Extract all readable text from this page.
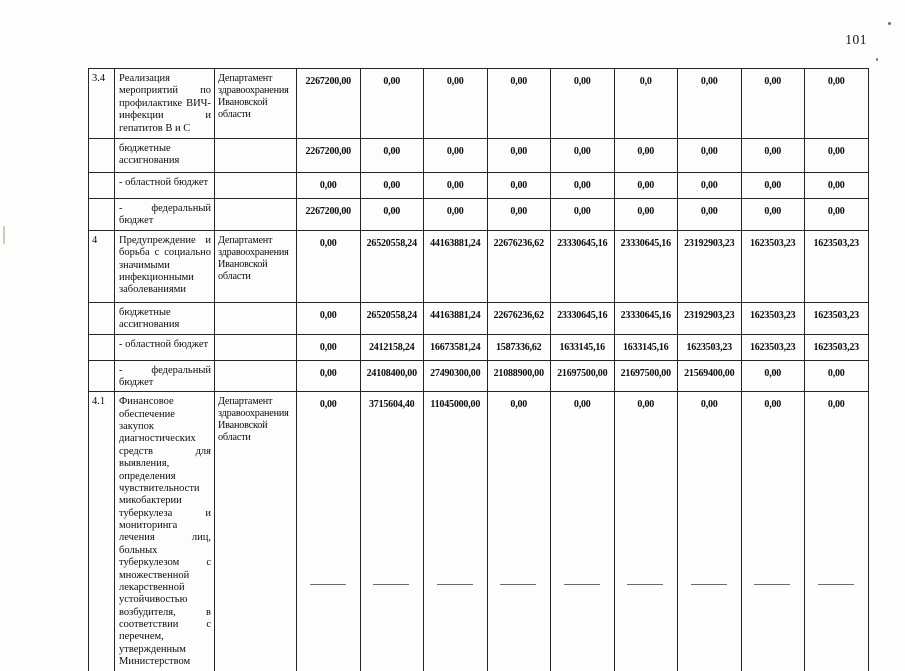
101
3.4	Реализация мероприятий по профилактике ВИЧ-инфекции и гепатитов В и С	Департамент здравоохранения Ивановской области	2267200,00	0,00	0,00	0,00	0,00	0,0	0,00	0,00	0,00
	бюджетные ассигнования		2267200,00	0,00	0,00	0,00	0,00	0,00	0,00	0,00	0,00
	- областной бюджет		0,00	0,00	0,00	0,00	0,00	0,00	0,00	0,00	0,00
	- федеральный бюджет		2267200,00	0,00	0,00	0,00	0,00	0,00	0,00	0,00	0,00
4	Предупреждение и борьба с социально значимыми инфекционными заболеваниями	Департамент здравоохранения Ивановской области	0,00	26520558,24	44163881,24	22676236,62	23330645,16	23330645,16	23192903,23	1623503,23	1623503,23
	бюджетные ассигнования		0,00	26520558,24	44163881,24	22676236,62	23330645,16	23330645,16	23192903,23	1623503,23	1623503,23
	- областной бюджет		0,00	2412158,24	16673581,24	1587336,62	1633145,16	1633145,16	1623503,23	1623503,23	1623503,23
	- федеральный бюджет		0,00	24108400,00	27490300,00	21088900,00	21697500,00	21697500,00	21569400,00	0,00	0,00
4.1	Финансовое обеспечение закупок диагностических средств для выявления, определения чувствительности микобактерии туберкулеза и мониторинга лечения лиц, больных туберкулезом с множественной лекарственной устойчивостью возбудителя, в соответствии с перечнем, утвержденным Министерством	Департамент здравоохранения Ивановской области	0,00	3715604,40	11045000,00	0,00	0,00	0,00	0,00	0,00	0,00
